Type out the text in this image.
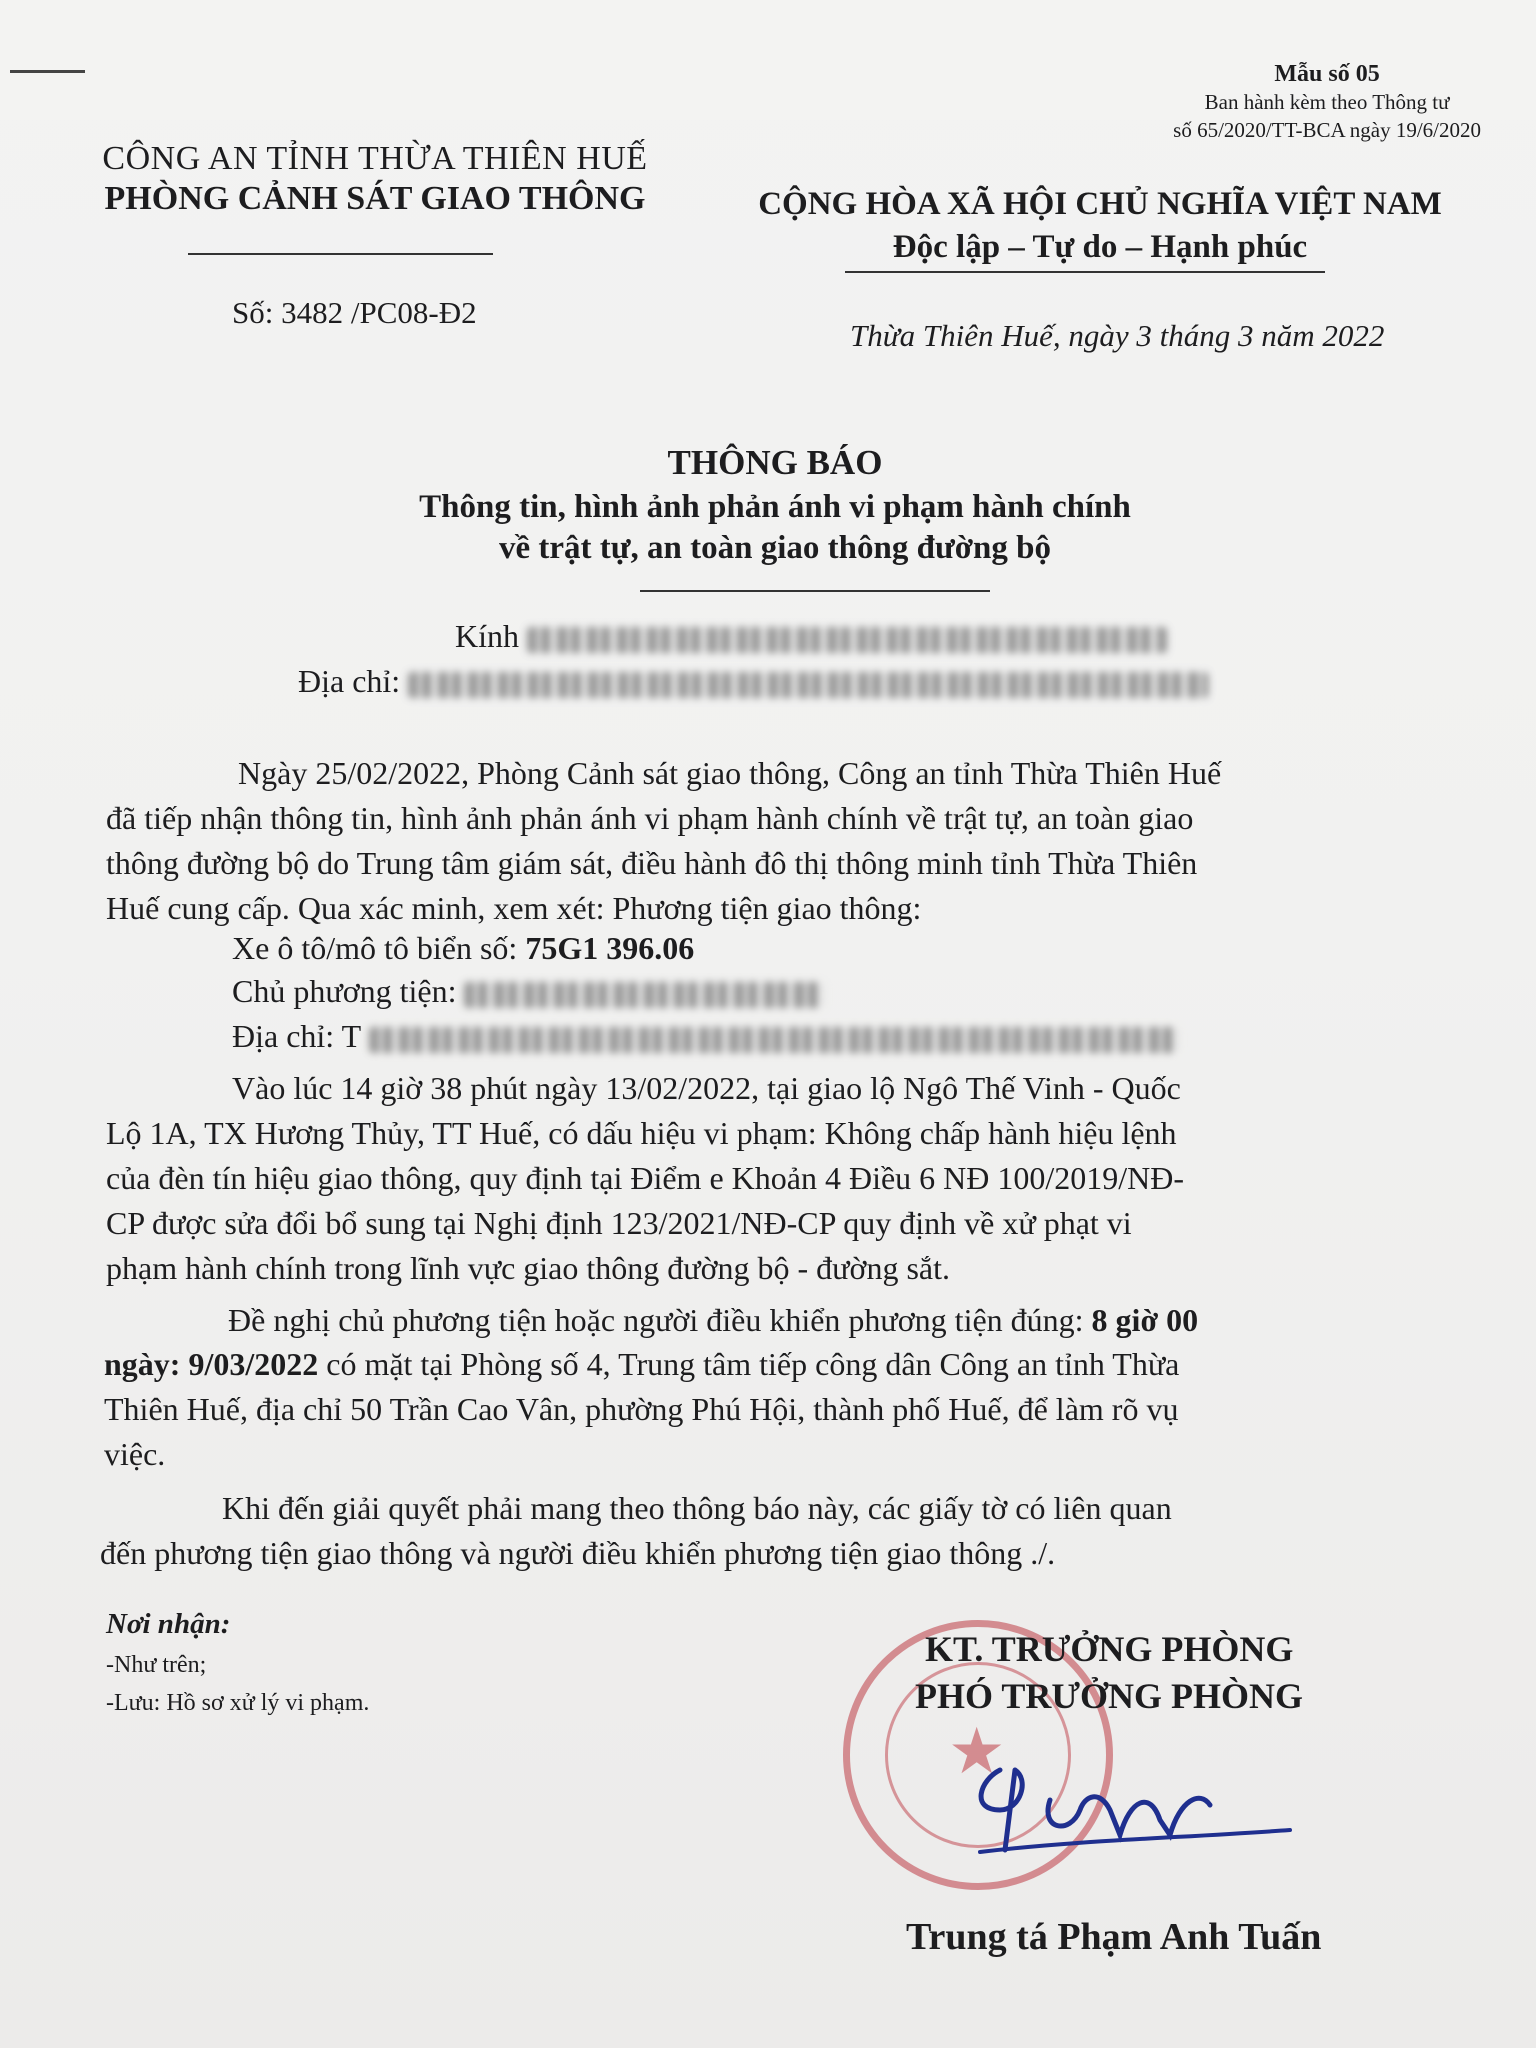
Mẫu số 05
Ban hành kèm theo Thông tư
số 65/2020/TT-BCA ngày 19/6/2020
CÔNG AN TỈNH THỪA THIÊN HUẾ
PHÒNG CẢNH SÁT GIAO THÔNG
Số: 3482 /PC08-Đ2
CỘNG HÒA XÃ HỘI CHỦ NGHĨA VIỆT NAM
Độc lập – Tự do – Hạnh phúc
Thừa Thiên Huế, ngày 3 tháng 3 năm 2022
THÔNG BÁO
Thông tin, hình ảnh phản ánh vi phạm hành chính
về trật tự, an toàn giao thông đường bộ
Kính
Địa chỉ:
Ngày 25/02/2022, Phòng Cảnh sát giao thông, Công an tỉnh Thừa Thiên Huế
đã tiếp nhận thông tin, hình ảnh phản ánh vi phạm hành chính về trật tự, an toàn giao
thông đường bộ do Trung tâm giám sát, điều hành đô thị thông minh tỉnh Thừa Thiên
Huế cung cấp. Qua xác minh, xem xét: Phương tiện giao thông:
Xe ô tô/mô tô biển số: 75G1 396.06
Chủ phương tiện:
Địa chỉ: T
Vào lúc 14 giờ 38 phút ngày 13/02/2022, tại giao lộ Ngô Thế Vinh - Quốc
Lộ 1A, TX Hương Thủy, TT Huế, có dấu hiệu vi phạm: Không chấp hành hiệu lệnh
của đèn tín hiệu giao thông, quy định tại Điểm e Khoản 4 Điều 6 NĐ 100/2019/NĐ-
CP được sửa đổi bổ sung tại Nghị định 123/2021/NĐ-CP quy định về xử phạt vi
phạm hành chính trong lĩnh vực giao thông đường bộ - đường sắt.
Đề nghị chủ phương tiện hoặc người điều khiển phương tiện đúng: 8 giờ 00
ngày: 9/03/2022 có mặt tại Phòng số 4, Trung tâm tiếp công dân Công an tỉnh Thừa
Thiên Huế, địa chỉ 50 Trần Cao Vân, phường Phú Hội, thành phố Huế, để làm rõ vụ
việc.
Khi đến giải quyết phải mang theo thông báo này, các giấy tờ có liên quan
đến phương tiện giao thông và người điều khiển phương tiện giao thông ./.
Nơi nhận:
-Như trên;
-Lưu: Hồ sơ xử lý vi phạm.
★
KT. TRƯỞNG PHÒNG
PHÓ TRƯỞNG PHÒNG
Trung tá Phạm Anh Tuấn
